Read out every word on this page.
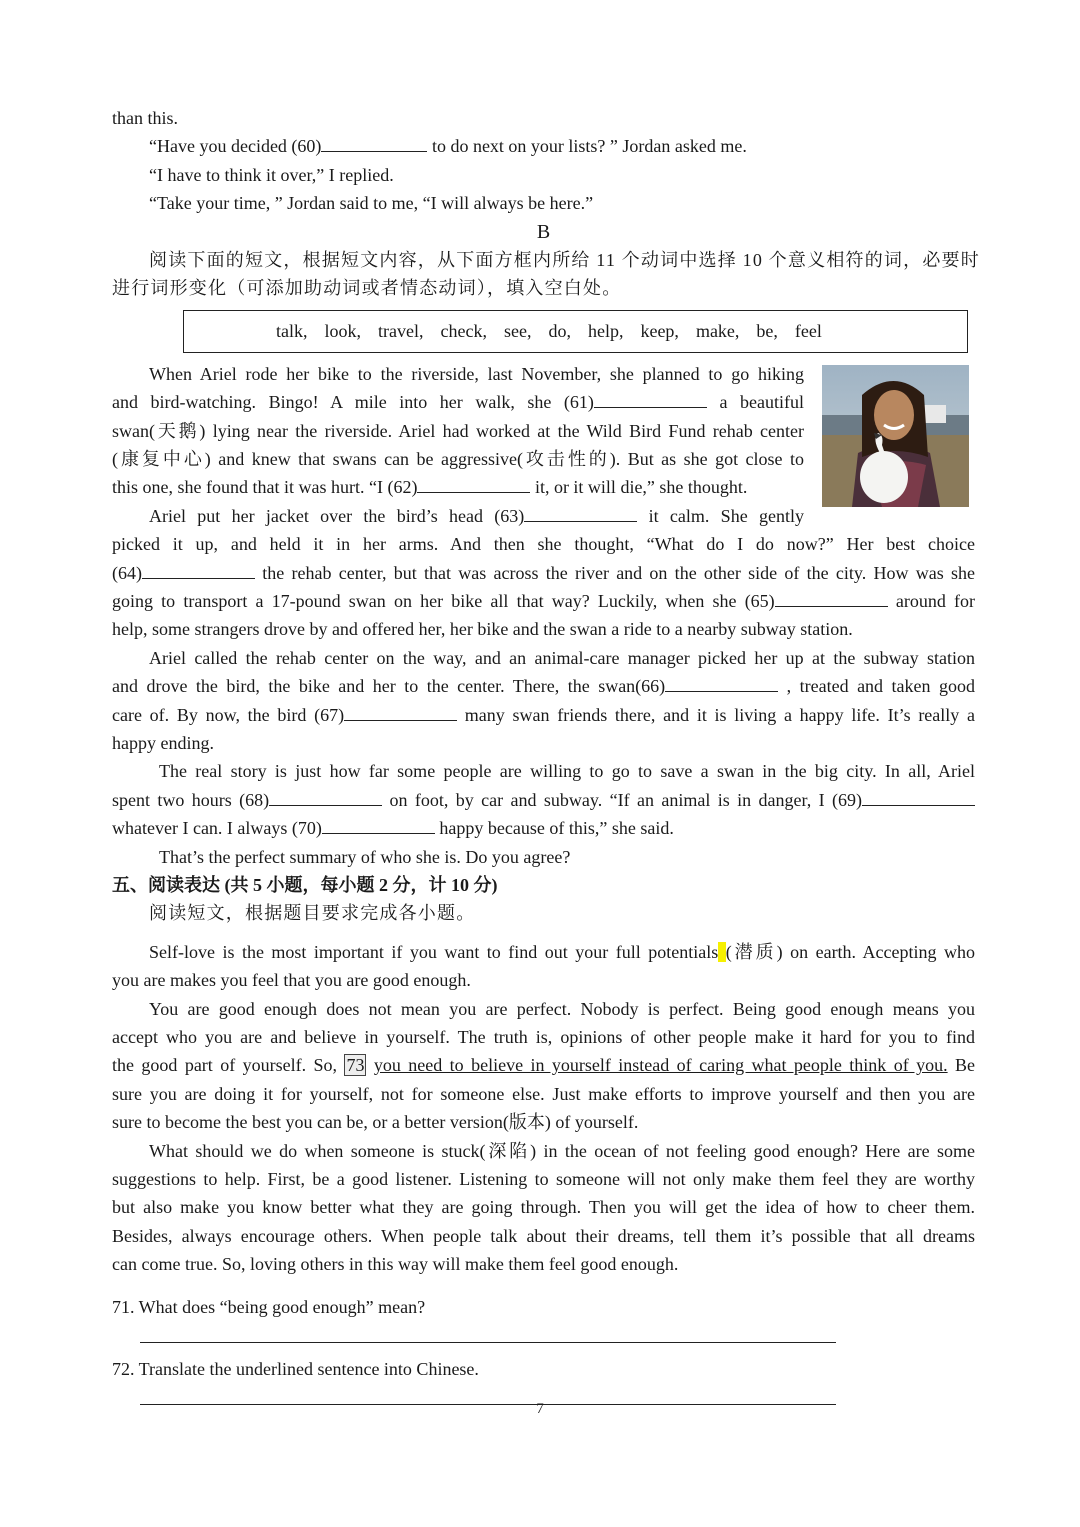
than this.
“Have you decided (60)	to do next on your lists? ” Jordan asked me.
“I have to think it over,” I replied.
“Take your time, ” Jordan said to me, “I will always be here.”
B
阅读下面的短文，根据短文内容，从下面方框内所给 11 个动词中选择 10 个意义相符的词，必要时
进行词形变化（可添加助动词或者情态动词），填入空白处。
When Ariel rode her bike to the riverside, last November, she planned to go hiking
and bird-watching. Bingo! A mile into her walk, she (61)	a beautiful
swan(天鹅) lying near the riverside. Ariel had worked at the Wild Bird Fund rehab center
(康复中心) and knew that swans can be aggressive(攻击性的). But as she got close to
this one, she found that it was hurt. “I (62)	it, or it will die,” she thought.
Ariel put her jacket over the bird’s head (63)	it calm. She gently
picked it up, and held it in her arms. And then she thought, “What do I do now?” Her best choice
(64)	the rehab center, but that was across the river and on the other side of the city. How was she
going to transport a 17-pound swan on her bike all that way? Luckily, when she (65)	around for
help, some strangers drove by and offered her, her bike and the swan a ride to a nearby subway station.
Ariel called the rehab center on the way, and an animal-care manager picked her up at the subway station
and drove the bird, the bike and her to the center. There, the swan(66)	, treated and taken good
care of. By now, the bird (67)	many swan friends there, and it is living a happy life. It’s really a
happy ending.
The real story is just how far some people are willing to go to save a swan in the big city. In all, Ariel
spent two hours (68)	on foot, by car and subway. “If an animal is in danger, I (69)
whatever I can. I always (70)	happy because of this,” she said.
That’s the perfect summary of who she is. Do you agree?
五、阅读表达 (共 5 小题，每小题 2 分，计 10 分)
阅读短文，根据题目要求完成各小题。
Self-love is the most important if you want to find out your full potentials (潜质) on earth. Accepting who
you are makes you feel that you are good enough.
You are good enough does not mean you are perfect. Nobody is perfect. Being good enough means you
accept who you are and believe in yourself. The truth is, opinions of other people make it hard for you to find
the good part of yourself. So, 73 you need to believe in yourself instead of caring what people think of you. Be
sure you are doing it for yourself, not for someone else. Just make efforts to improve yourself and then you are
sure to become the best you can be, or a better version(版本) of yourself.
What should we do when someone is stuck(深陷) in the ocean of not feeling good enough? Here are some
suggestions to help. First, be a good listener. Listening to someone will not only make them feel they are worthy
but also make you know better what they are going through. Then you will get the idea of how to cheer them.
Besides, always encourage others. When people talk about their dreams, tell them it’s possible that all dreams
can come true. So, loving others in this way will make them feel good enough.
71. What does “being good enough” mean?
72. Translate the underlined sentence into Chinese.
talk, look, travel, check, see, do, help, keep, make, be, feel
7
